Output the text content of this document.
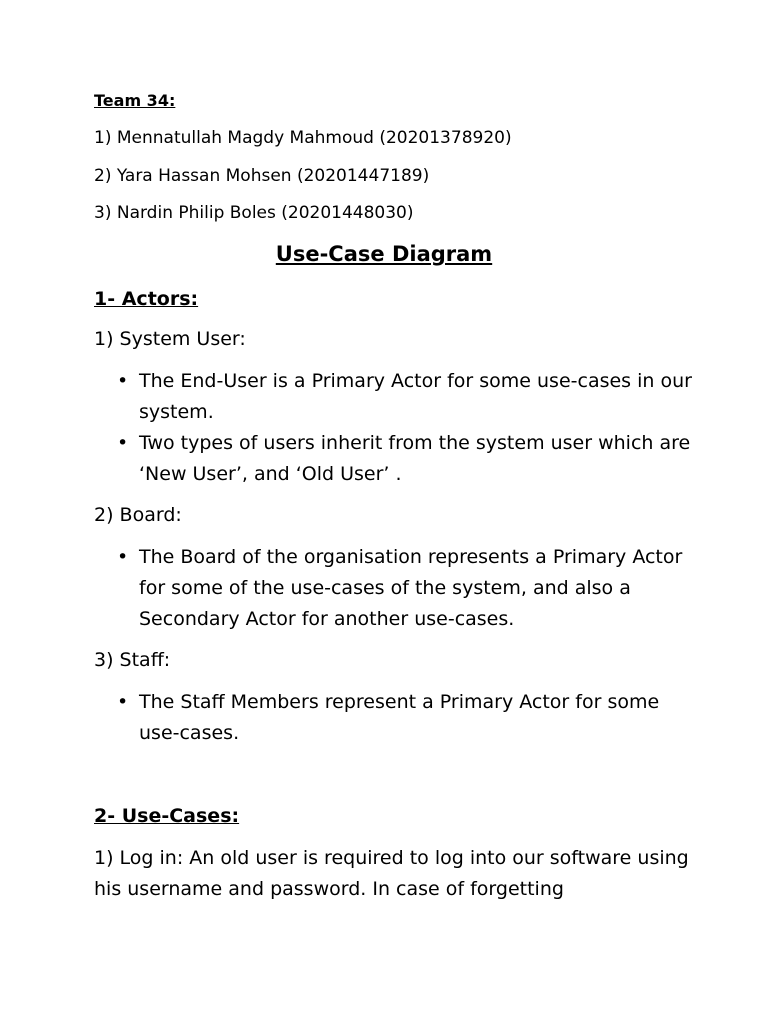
Team 34:
1) Mennatullah Magdy Mahmoud (20201378920)
2) Yara Hassan Mohsen (20201447189)
3) Nardin Philip Boles (20201448030)
Use-Case Diagram
1- Actors:
1) System User:
• The End-User is a Primary Actor for some use-cases in our system.
• Two types of users inherit from the system user which are ‘New User’, and ‘Old User’ .
2) Board:
• The Board of the organisation represents a Primary Actor for some of the use-cases of the system, and also a Secondary Actor for another use-cases.
3) Staff:
• The Staff Members represent a Primary Actor for some use-cases.
2- Use-Cases:
1) Log in: An old user is required to log into our software using his username and password. In case of forgetting
